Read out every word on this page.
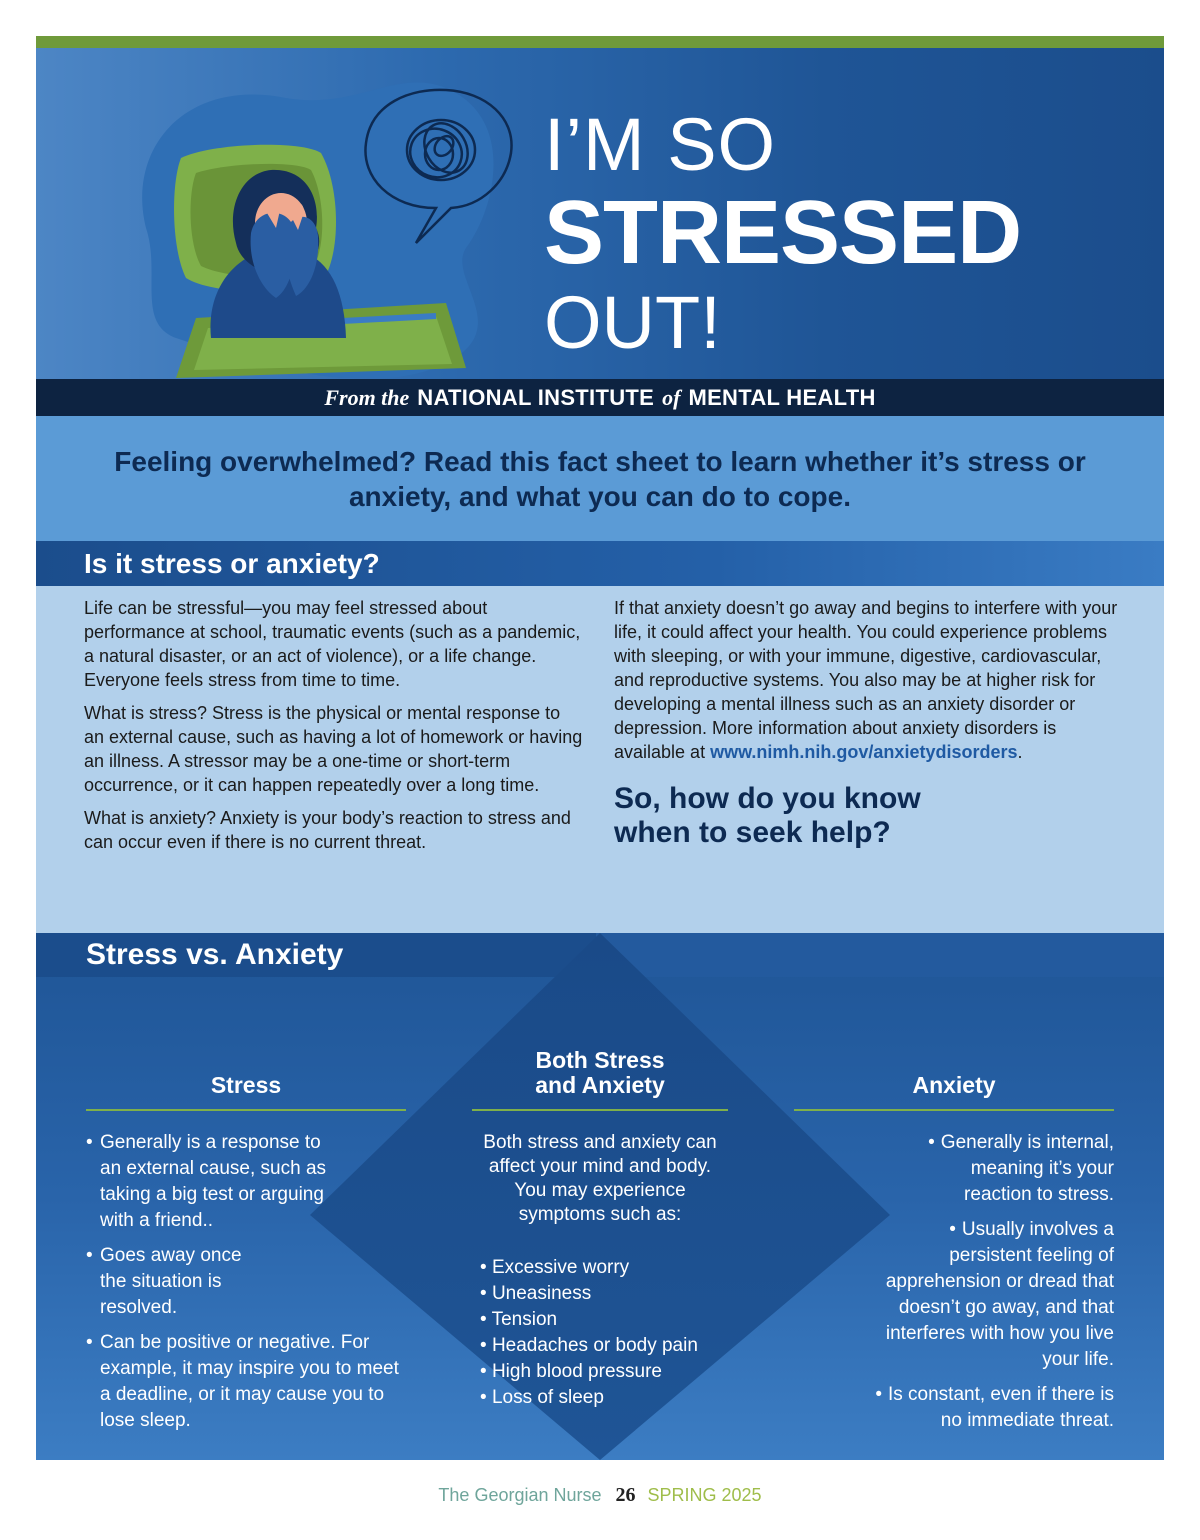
I’M SO
STRESSED
OUT!
From the NATIONAL INSTITUTE of MENTAL HEALTH

Feeling overwhelmed? Read this fact sheet to learn whether it’s stress or anxiety, and what you can do to cope.

Is it stress or anxiety?

Life can be stressful—you may feel stressed about performance at school, traumatic events (such as a pandemic, a natural disaster, or an act of violence), or a life change. Everyone feels stress from time to time.

What is stress? Stress is the physical or mental response to an external cause, such as having a lot of homework or having an illness. A stressor may be a one-time or short-term occurrence, or it can happen repeatedly over a long time.

What is anxiety? Anxiety is your body’s reaction to stress and can occur even if there is no current threat.

If that anxiety doesn’t go away and begins to interfere with your life, it could affect your health. You could experience problems with sleeping, or with your immune, digestive, cardiovascular, and reproductive systems. You also may be at higher risk for developing a mental illness such as an anxiety disorder or depression. More information about anxiety disorders is available at www.nimh.nih.gov/anxietydisorders.

So, how do you know
when to seek help?
Stress vs. Anxiety
Stress
• Generally is a response to an external cause, such as taking a big test or arguing with a friend..
• Goes away once the situation is resolved.
• Can be positive or negative. For example, it may inspire you to meet a deadline, or it may cause you to lose sleep.
Both Stress
and Anxiety
Both stress and anxiety can affect your mind and body. You may experience symptoms such as:
• Excessive worry
• Uneasiness
• Tension
• Headaches or body pain
• High blood pressure
• Loss of sleep
Anxiety
• Generally is internal, meaning it’s your reaction to stress.
• Usually involves a persistent feeling of apprehension or dread that doesn’t go away, and that interferes with how you live your life.
• Is constant, even if there is no immediate threat.
The Georgian Nurse 26 SPRING 2025
